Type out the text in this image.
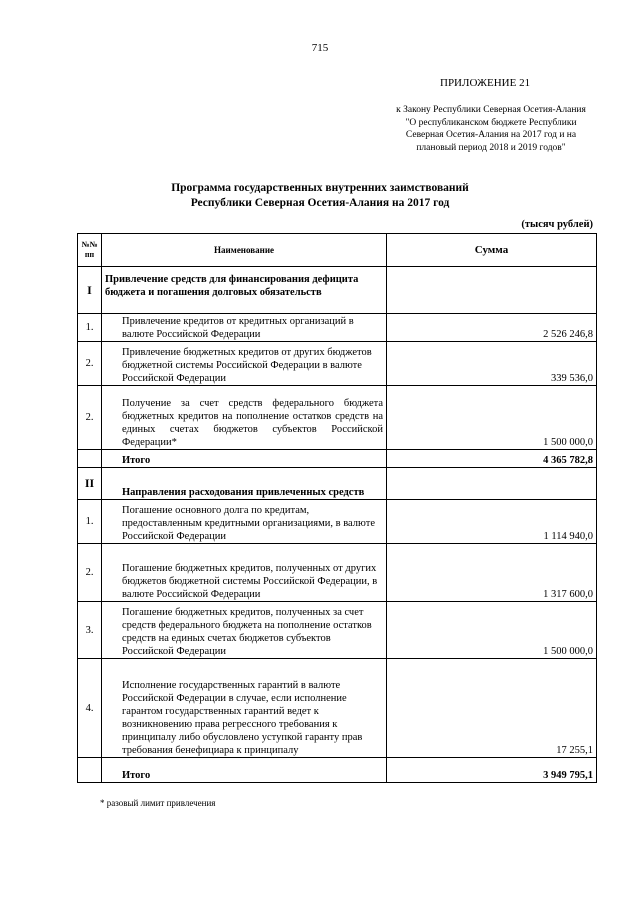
715
ПРИЛОЖЕНИЕ 21
к Закону Республики Северная Осетия-Алания
"О республиканском бюджете Республики
Северная Осетия-Алания на 2017 год и на
плановый период 2018 и 2019 годов"
Программа государственных внутренних заимствований
Республики Северная Осетия-Алания на 2017 год
(тысяч рублей)
№№ пп	Наименование	Сумма
I	Привлечение средств для финансирования дефицита бюджета и погашения долговых обязательств	
1.	Привлечение кредитов от кредитных организаций в валюте Российской Федерации	2 526 246,8
2.	Привлечение бюджетных кредитов от других бюджетов бюджетной системы Российской Федерации в валюте Российской Федерации	339 536,0
2.	Получение за счет средств федерального бюджета бюджетных кредитов на пополнение остатков средств на единых счетах бюджетов субъектов Российской Федерации*	1 500 000,0
	Итого	4 365 782,8
II	Направления расходования привлеченных средств	
1.	Погашение основного долга по кредитам, предоставленным кредитными организациями, в валюте Российской Федерации	1 114 940,0
2.	Погашение бюджетных кредитов, полученных от других бюджетов бюджетной системы Российской Федерации, в валюте Российской Федерации	1 317 600,0
3.	Погашение бюджетных кредитов, полученных за счет средств федерального бюджета на пополнение остатков средств на единых счетах бюджетов субъектов Российской Федерации	1 500 000,0
4.	Исполнение государственных гарантий в валюте Российской Федерации в случае, если исполнение гарантом государственных гарантий ведет к возникновению права регрессного требования к принципалу либо обусловлено уступкой гаранту прав требования бенефициара к принципалу	17 255,1
	Итого	3 949 795,1
* разовый лимит привлечения
